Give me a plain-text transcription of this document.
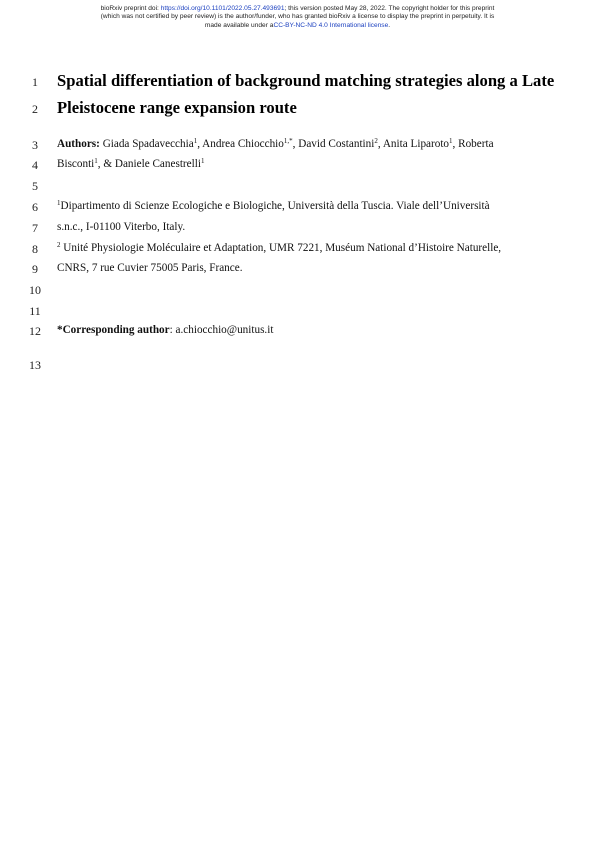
bioRxiv preprint doi: https://doi.org/10.1101/2022.05.27.493691; this version posted May 28, 2022. The copyright holder for this preprint
(which was not certified by peer review) is the author/funder, who has granted bioRxiv a license to display the preprint in perpetuity. It is
made available under aCC-BY-NC-ND 4.0 International license.
1
2
3
4
5
6
7
8
9
10
11
12
13
Spatial differentiation of background matching strategies along a Late
Pleistocene range expansion route
Authors: Giada Spadavecchia$^1$, Andrea Chiocchio$^{1,*}$, David Costantini$^2$, Anita Liparoto$^1$, Roberta
Bisconti$^1$, & Daniele Canestrelli$^1$
$^1$Dipartimento di Scienze Ecologiche e Biologiche, Università della Tuscia. Viale dell’Università
s.n.c., I-01100 Viterbo, Italy.
$^2$ Unité Physiologie Moléculaire et Adaptation, UMR 7221, Muséum National d’Histoire Naturelle,
CNRS, 7 rue Cuvier 75005 Paris, France.
*Corresponding author: a.chiocchio@unitus.it
